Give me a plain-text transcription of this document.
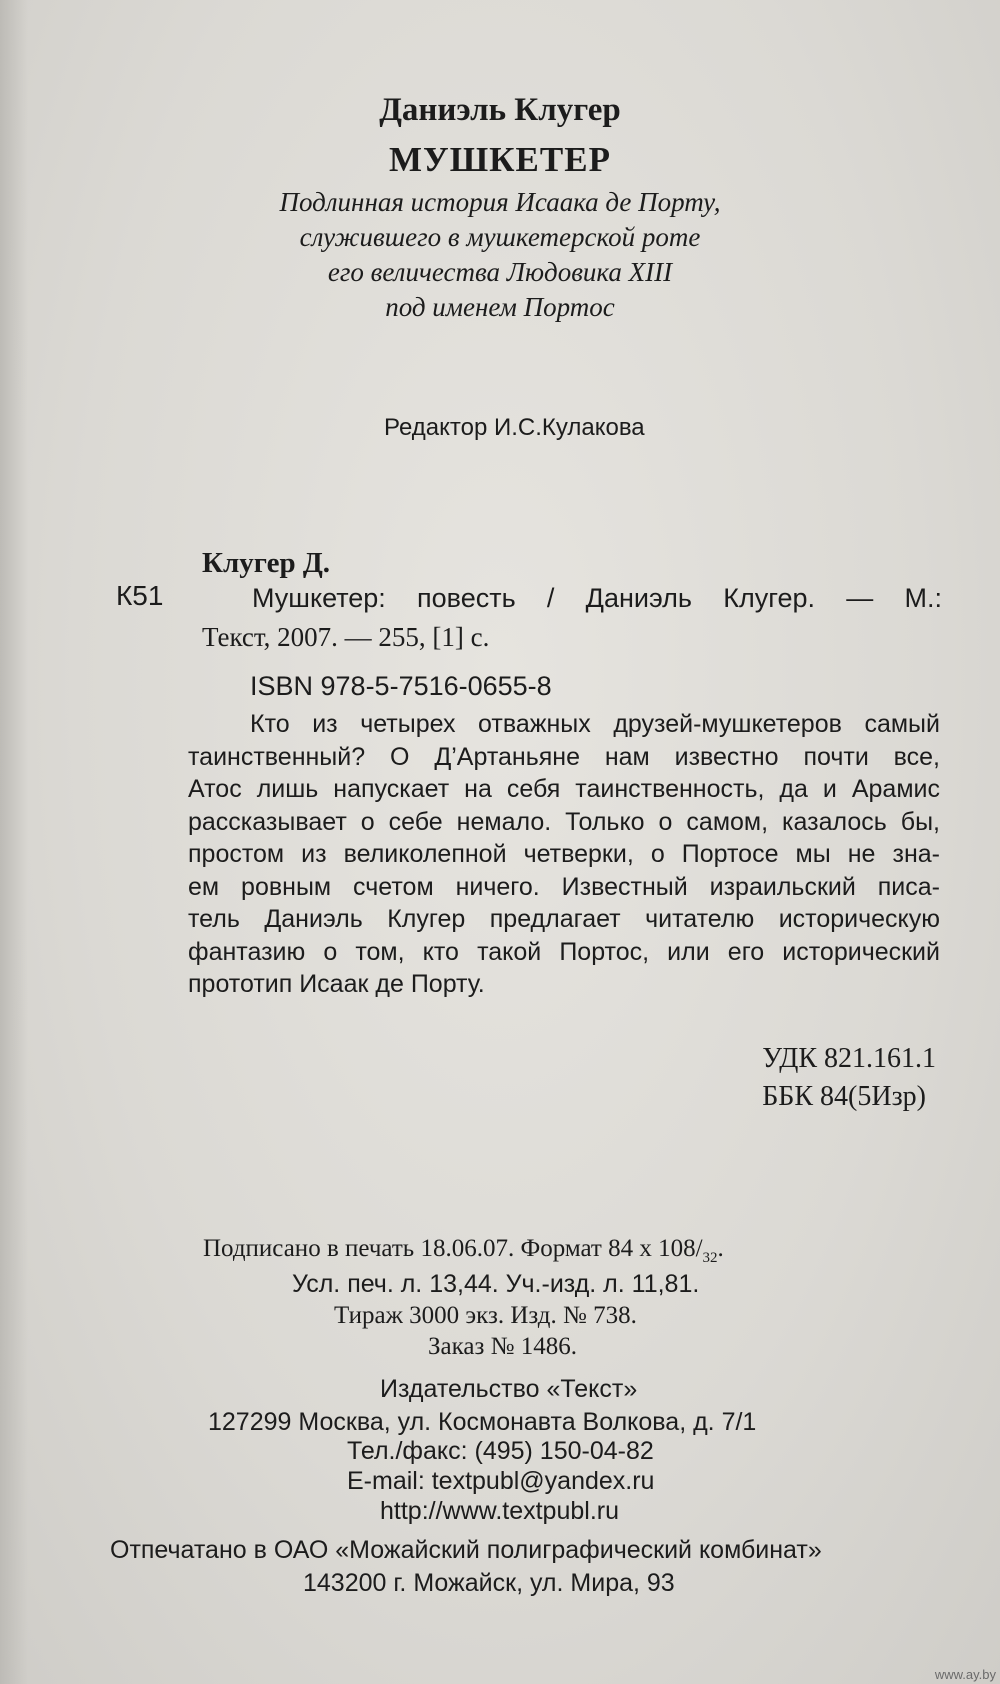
Даниэль Клугер
МУШКЕТЕР
Подлинная история Исаака де Порту,
служившего в мушкетерской роте
его величества Людовика XIII
под именем Портос
Редактор И.С.Кулакова
Клугер Д.
К51	Мушкетер: повесть / Даниэль Клугер. — М.:
Текст, 2007. — 255, [1] с.
ISBN 978-5-7516-0655-8
Кто из четырех отважных друзей-мушкетеров самый
таинственный? О Д’Артаньяне нам известно почти все,
Атос лишь напускает на себя таинственность, да и Арамис
рассказывает о себе немало. Только о самом, казалось бы,
простом из великолепной четверки, о Портосе мы не зна-
ем ровным счетом ничего. Известный израильский писа-
тель Даниэль Клугер предлагает читателю историческую
фантазию о том, кто такой Портос, или его исторический
прототип Исаак де Порту.
УДК 821.161.1
ББК 84(5Изр)
Подписано в печать 18.06.07. Формат 84 х $108/_{32}$.
Усл. печ. л. 13,44. Уч.-изд. л. 11,81.
Тираж 3000 экз. Изд. № 738.
Заказ № 1486.
Издательство «Текст»
127299 Москва, ул. Космонавта Волкова, д. 7/1
Тел./факс: (495) 150-04-82
E-mail: textpubl@yandex.ru
http://www.textpubl.ru
Отпечатано в ОАО «Можайский полиграфический комбинат»
143200 г. Можайск, ул. Мира, 93
www.ay.by
